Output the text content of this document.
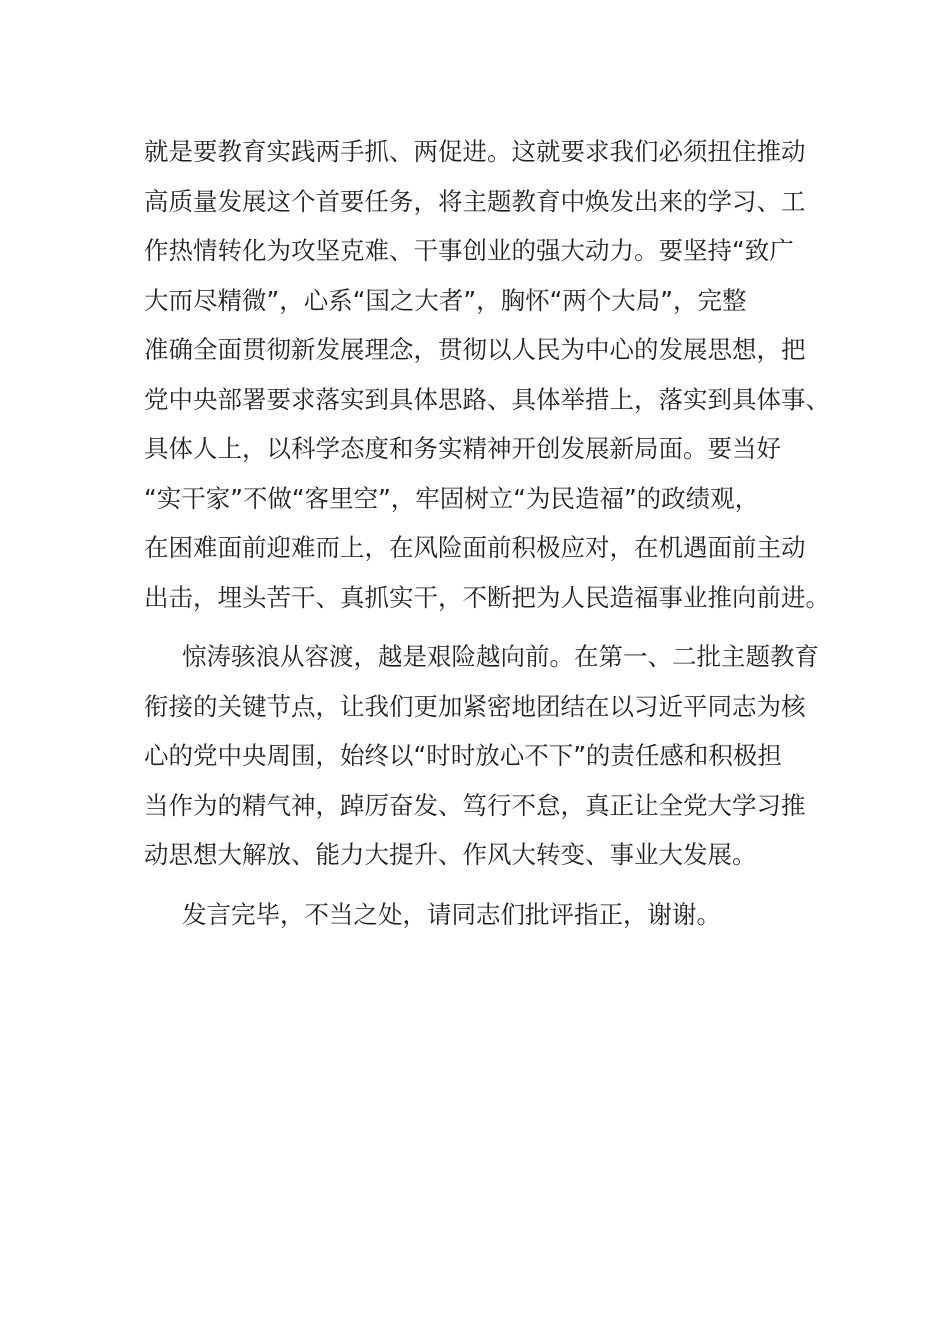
就是要教育实践两手抓、两促进。这就要求我们必须扭住推动
高质量发展这个首要任务，将主题教育中焕发出来的学习、工
作热情转化为攻坚克难、干事创业的强大动力。要坚持“致广
大而尽精微”，心系“国之大者”，胸怀“两个大局”，完整
准确全面贯彻新发展理念，贯彻以人民为中心的发展思想，把
党中央部署要求落实到具体思路、具体举措上，落实到具体事、
具体人上，以科学态度和务实精神开创发展新局面。要当好
“实干家”不做“客里空”，牢固树立“为民造福”的政绩观，
在困难面前迎难而上，在风险面前积极应对，在机遇面前主动
出击，埋头苦干、真抓实干，不断把为人民造福事业推向前进。
惊涛骇浪从容渡，越是艰险越向前。在第一、二批主题教育
衔接的关键节点，让我们更加紧密地团结在以习近平同志为核
心的党中央周围，始终以“时时放心不下”的责任感和积极担
当作为的精气神，踔厉奋发、笃行不怠，真正让全党大学习推
动思想大解放、能力大提升、作风大转变、事业大发展。
发言完毕，不当之处，请同志们批评指正，谢谢。
